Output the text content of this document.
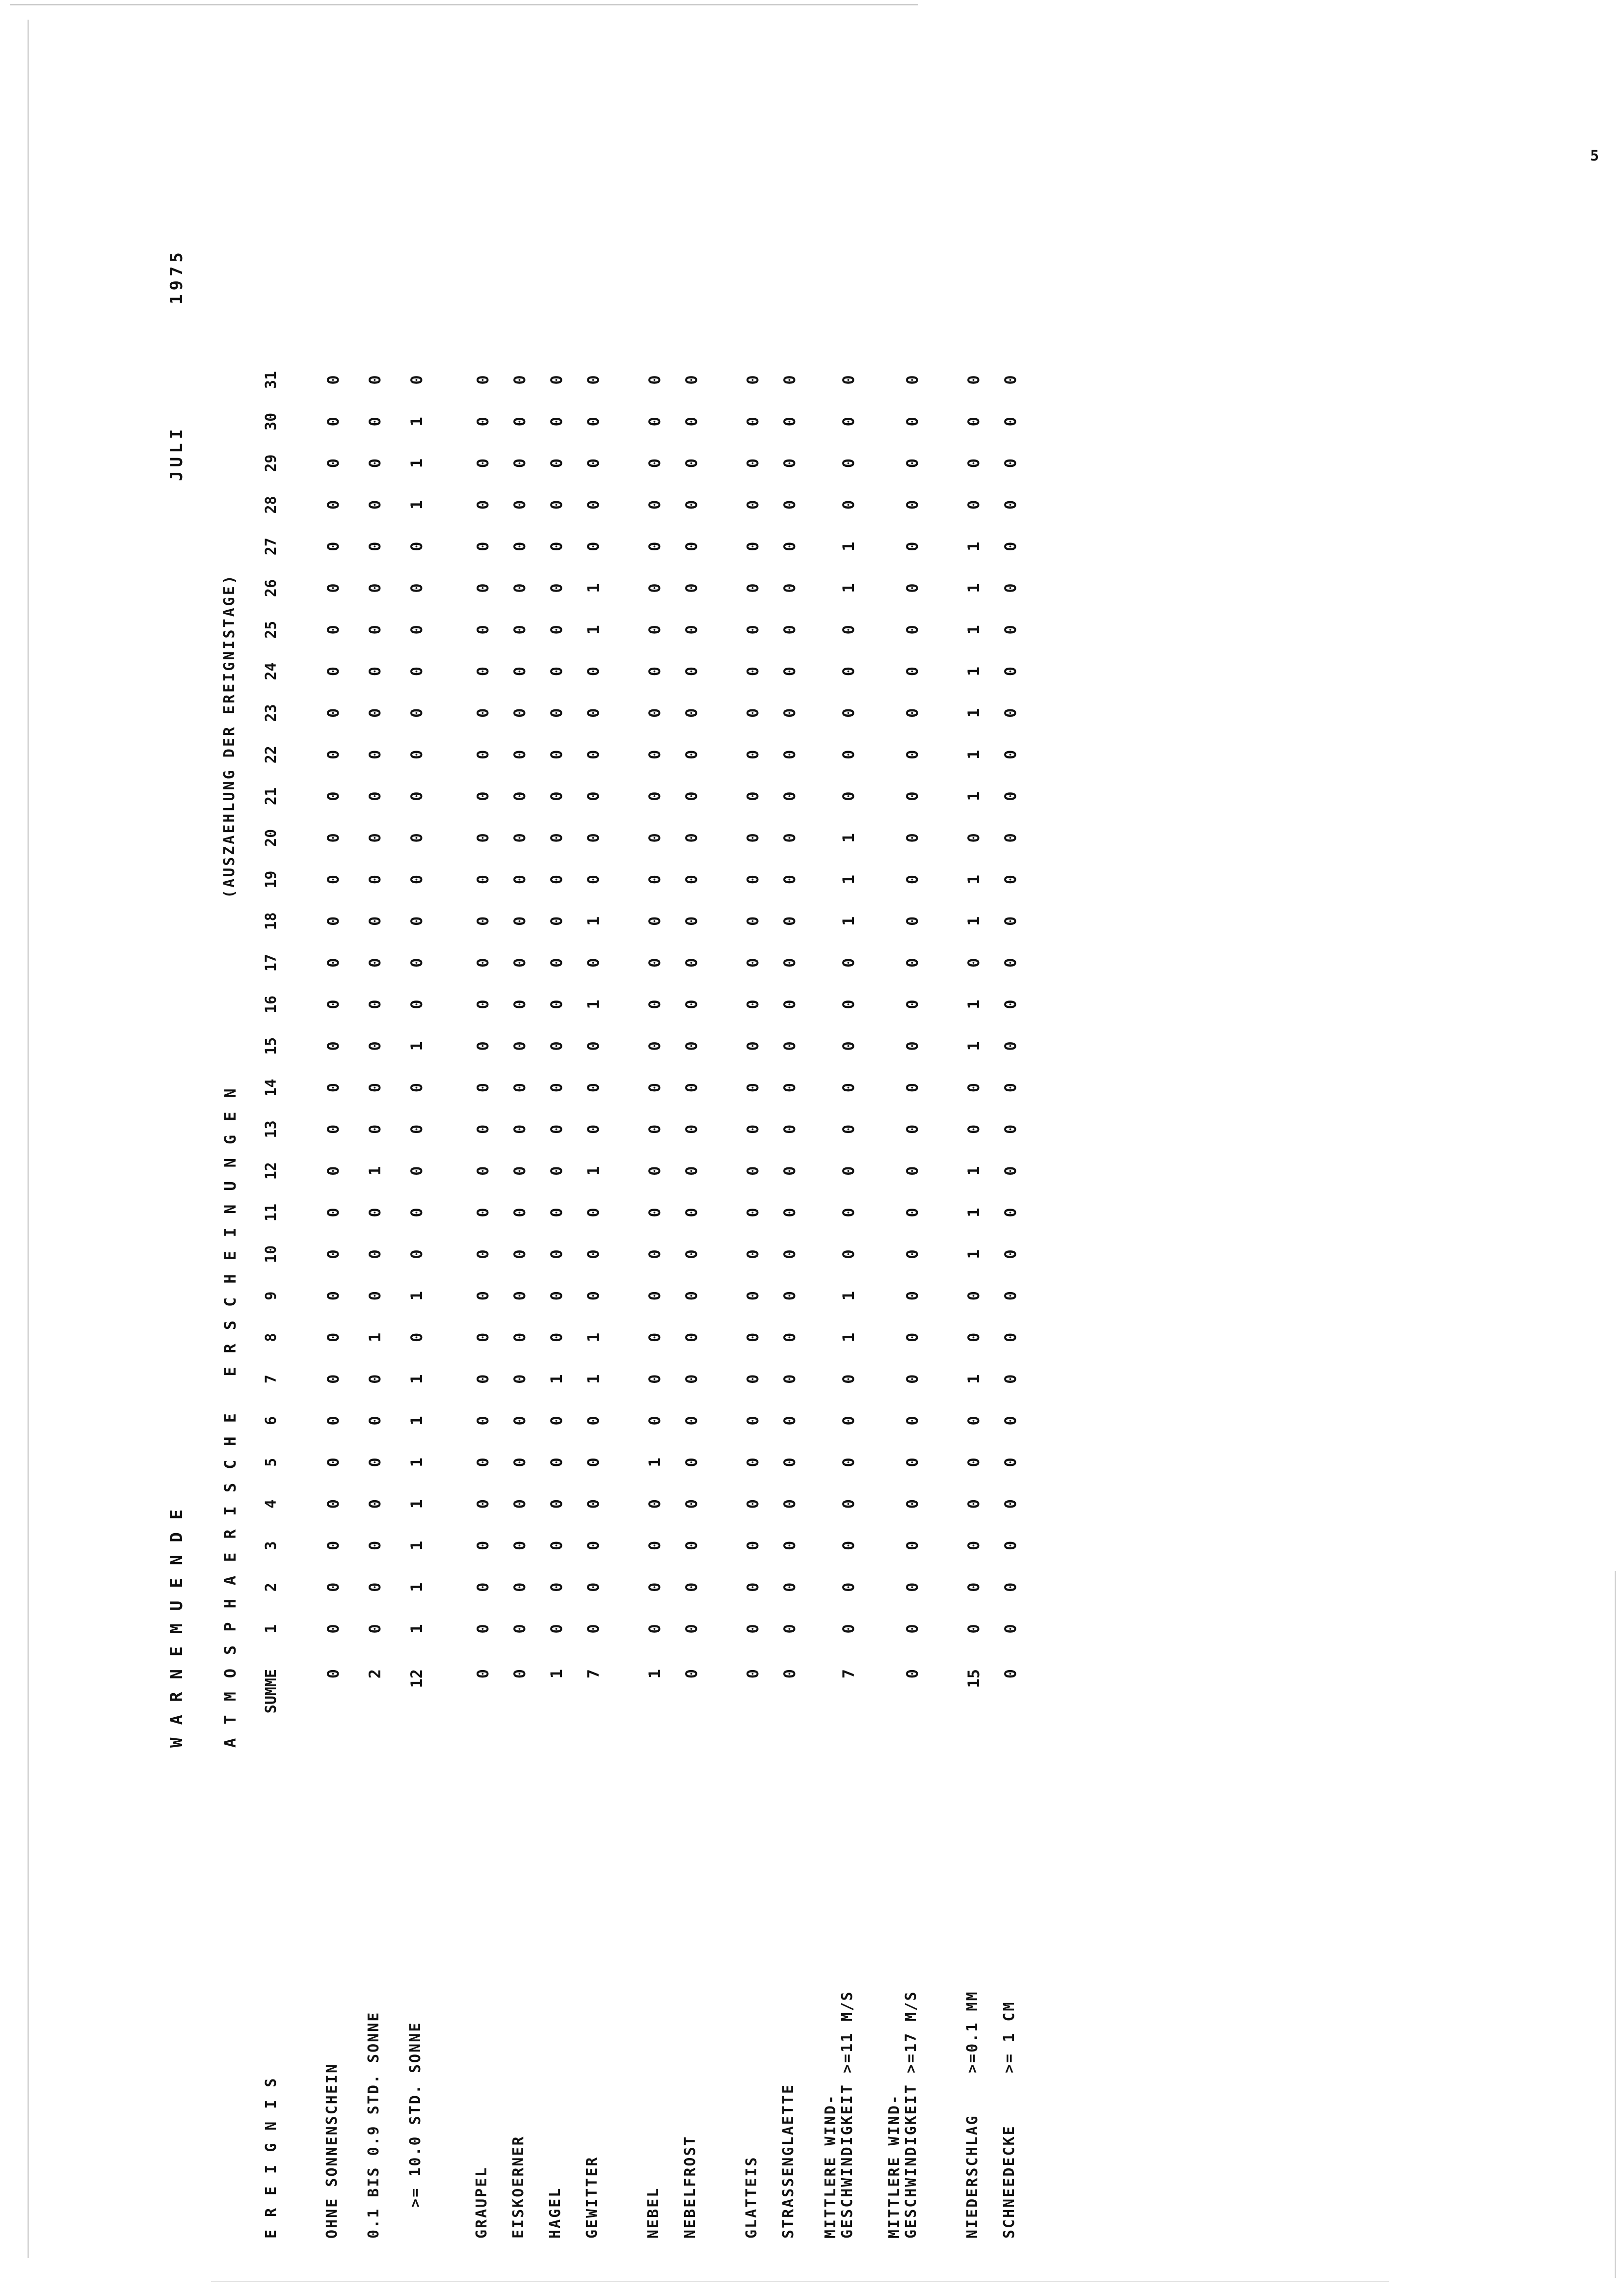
5
WARNEMUENDE
JULI
1975
ATMOSPHAERISCHE ERSCHEINUNGEN
(AUSZAEHLUNG DER EREIGNISTAGE)
EREIGNIS
SUMME
1
2
3
4
5
6
7
8
9
10
11
12
13
14
15
16
17
18
19
20
21
22
23
24
25
26
27
28
29
30
31
OHNE SONNENSCHEIN
0
0
0
0
0
0
0
0
0
0
0
0
0
0
0
0
0
0
0
0
0
0
0
0
0
0
0
0
0
0
0
0
0.1 BIS 0.9 STD. SONNE
2
0
0
0
0
0
0
0
1
0
0
0
1
0
0
0
0
0
0
0
0
0
0
0
0
0
0
0
0
0
0
0
>= 10.0 STD. SONNE
12
1
1
1
1
1
1
1
0
1
0
0
0
0
0
1
0
0
0
0
0
0
0
0
0
0
0
0
1
1
1
0
GRAUPEL
0
0
0
0
0
0
0
0
0
0
0
0
0
0
0
0
0
0
0
0
0
0
0
0
0
0
0
0
0
0
0
0
EISKOERNER
0
0
0
0
0
0
0
0
0
0
0
0
0
0
0
0
0
0
0
0
0
0
0
0
0
0
0
0
0
0
0
0
HAGEL
1
0
0
0
0
0
0
1
0
0
0
0
0
0
0
0
0
0
0
0
0
0
0
0
0
0
0
0
0
0
0
0
GEWITTER
7
0
0
0
0
0
0
1
1
0
0
0
1
0
0
0
1
0
1
0
0
0
0
0
0
1
1
0
0
0
0
0
NEBEL
1
0
0
0
0
1
0
0
0
0
0
0
0
0
0
0
0
0
0
0
0
0
0
0
0
0
0
0
0
0
0
0
NEBELFROST
0
0
0
0
0
0
0
0
0
0
0
0
0
0
0
0
0
0
0
0
0
0
0
0
0
0
0
0
0
0
0
0
GLATTEIS
0
0
0
0
0
0
0
0
0
0
0
0
0
0
0
0
0
0
0
0
0
0
0
0
0
0
0
0
0
0
0
0
STRASSENGLAETTE
0
0
0
0
0
0
0
0
0
0
0
0
0
0
0
0
0
0
0
0
0
0
0
0
0
0
0
0
0
0
0
0
MITTLERE WIND-
GESCHWINDIGKEIT >=11 M/S
7
0
0
0
0
0
0
0
1
1
0
0
0
0
0
0
0
0
1
1
1
0
0
0
0
0
1
1
0
0
0
0
MITTLERE WIND-
GESCHWINDIGKEIT >=17 M/S
0
0
0
0
0
0
0
0
0
0
0
0
0
0
0
0
0
0
0
0
0
0
0
0
0
0
0
0
0
0
0
0
NIEDERSCHLAG    >=0.1 MM
15
0
0
0
0
0
0
1
0
0
1
1
1
0
0
1
1
0
1
1
0
1
1
1
1
1
1
1
0
0
0
0
SCHNEEDECKE     >= 1 CM
0
0
0
0
0
0
0
0
0
0
0
0
0
0
0
0
0
0
0
0
0
0
0
0
0
0
0
0
0
0
0
0
